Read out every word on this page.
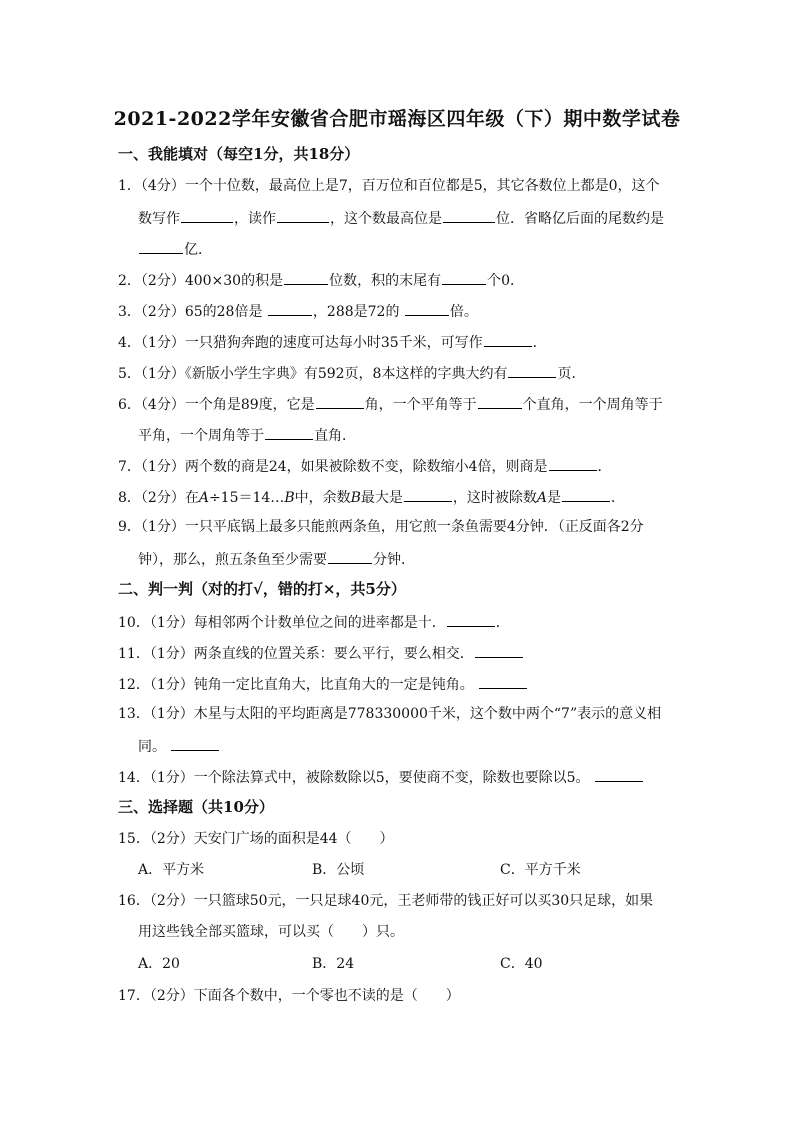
2021-2022学年安徽省合肥市瑶海区四年级（下）期中数学试卷
一、我能填对（每空1分，共18分）
1．（4分）一个十位数，最高位上是7，百万位和百位都是5，其它各数位上都是0，这个
数写作	，读作	，这个数最高位是	位．省略亿后面的尾数约是
亿．
2．（2分）400×30的积是	位数，积的末尾有	个0．
3．（2分）65的28倍是	，288是72的	倍。
4．（1分）一只猎狗奔跑的速度可达每小时35千米，可写作	．
5．（1分）《新版小学生字典》有592页，8本这样的字典大约有	页．
6．（4分）一个角是89度，它是	角，一个平角等于	个直角，一个周角等于
平角，一个周角等于	直角．
7．（1分）两个数的商是24，如果被除数不变，除数缩小4倍，则商是	．
8．（2分）在A÷15＝14…B中，余数B最大是	，这时被除数A是	．
9．（1分）一只平底锅上最多只能煎两条鱼，用它煎一条鱼需要4分钟．（正反面各2分
钟），那么，煎五条鱼至少需要	分钟．
二、判一判（对的打√，错的打×，共5分）
10．（1分）每相邻两个计数单位之间的进率都是十．	．
11．（1分）两条直线的位置关系：要么平行，要么相交．
12．（1分）钝角一定比直角大，比直角大的一定是钝角。
13．（1分）木星与太阳的平均距离是778330000千米，这个数中两个“7”表示的意义相
同。
14．（1分）一个除法算式中，被除数除以5，要使商不变，除数也要除以5。
三、选择题（共10分）
15．（2分）天安门广场的面积是44（　　）
A．平方米	B．公顷	C．平方千米
16．（2分）一只篮球50元，一只足球40元，王老师带的钱正好可以买30只足球，如果
用这些钱全部买篮球，可以买（　　）只。
A．20	B．24	C．40
17．（2分）下面各个数中，一个零也不读的是（　　）
